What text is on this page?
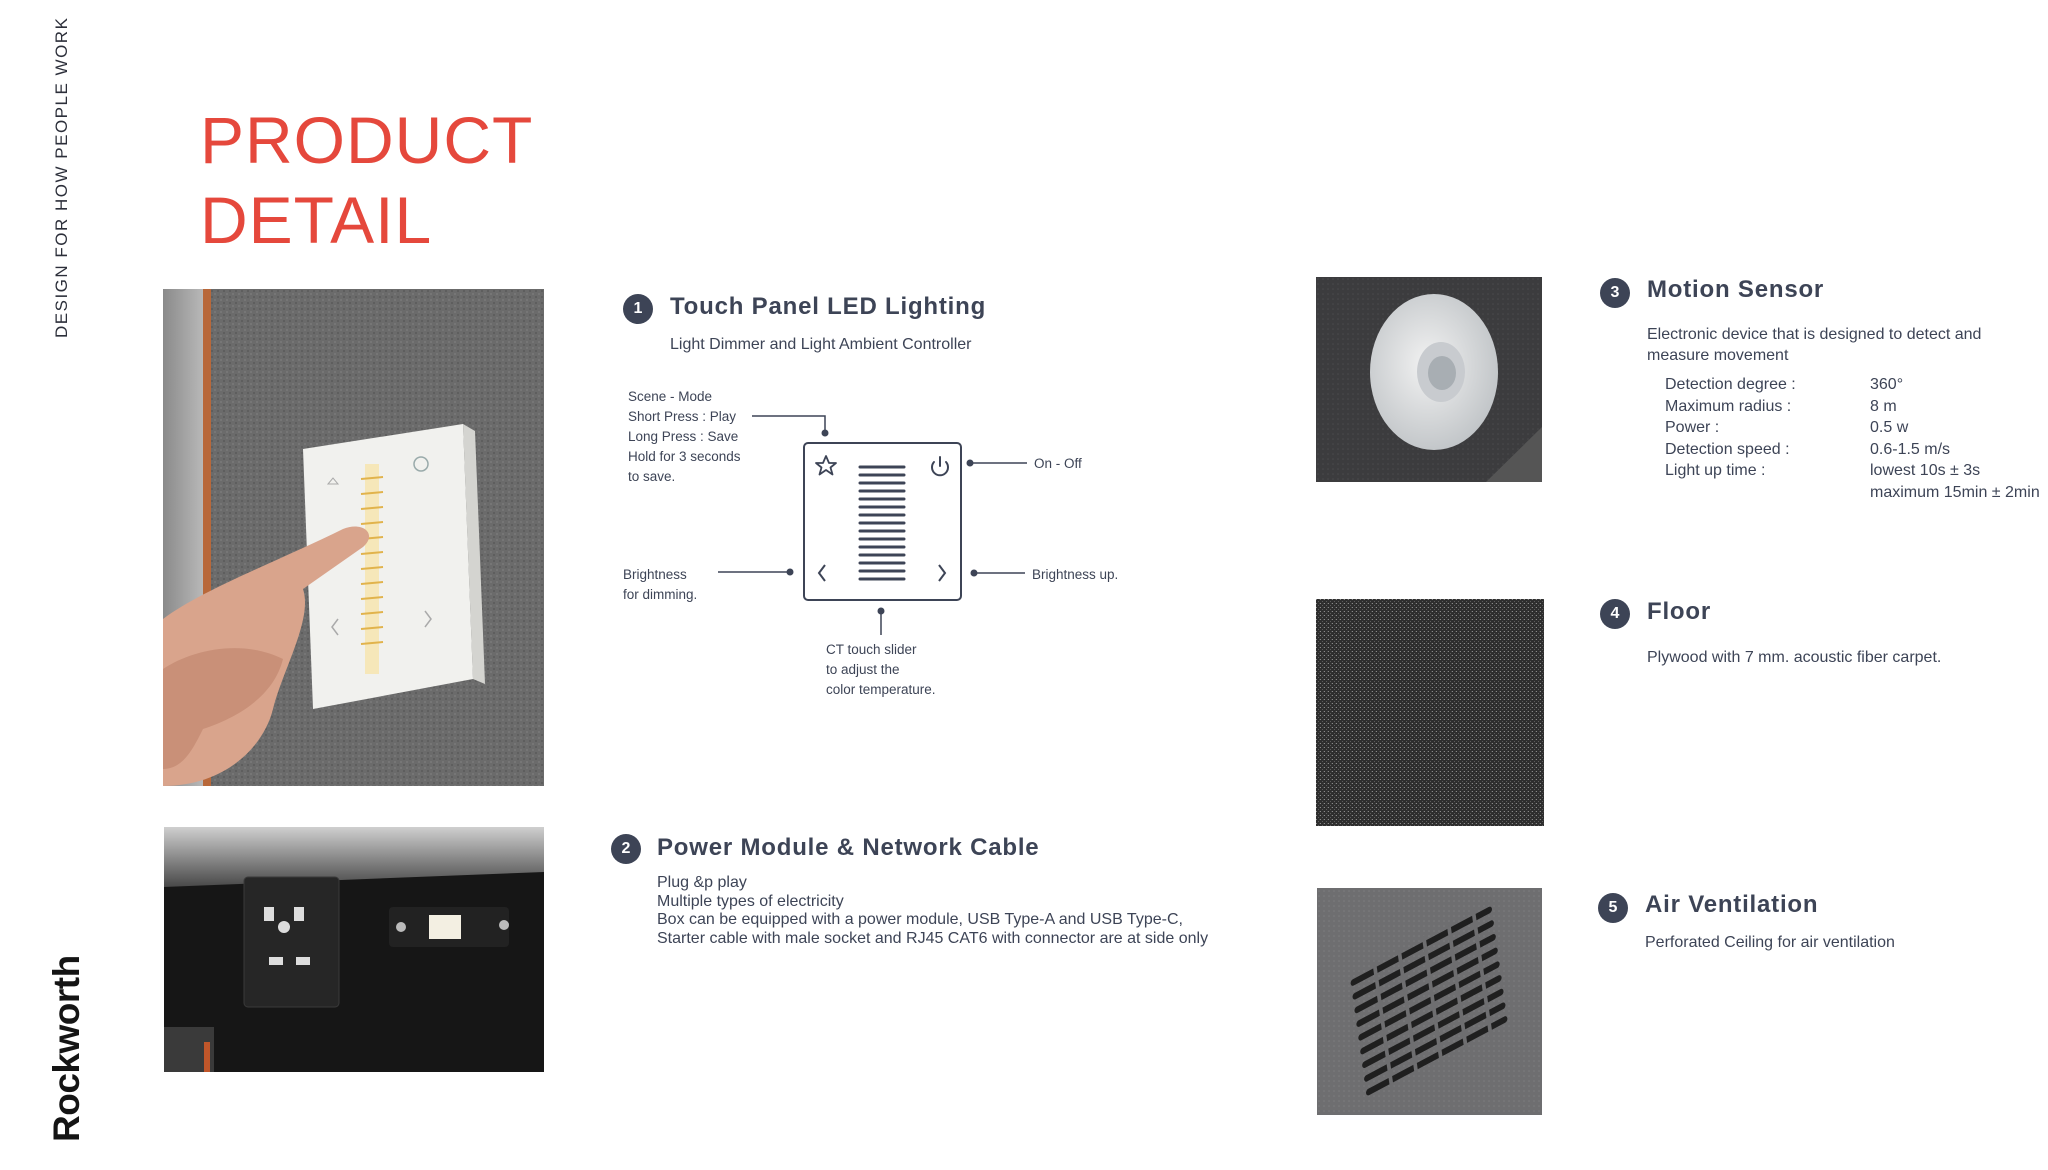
DESIGN FOR HOW PEOPLE WORK
Rockworth
PRODUCT
DETAIL
1	Touch Panel LED Lighting
Light Dimmer and Light Ambient Controller
Scene - Mode
Short Press : Play
Long Press : Save
Hold for 3 seconds
to save.
On - Off
Brightness
for dimming.
Brightness up.
CT touch slider
to adjust the
color temperature.
2	Power Module & Network Cable
Plug &p play
Multiple types of electricity
Box can be equipped with a power module, USB Type-A and USB Type-C,
Starter cable with male socket and RJ45 CAT6 with connector are at side only
3	Motion Sensor
Electronic device that is designed to detect and
measure movement
Detection degree :	360°
Maximum radius :	8 m
Power :	0.5 w
Detection speed :	0.6-1.5 m/s
Light up time :	lowest 10s ± 3s
maximum 15min ± 2min
4	Floor
Plywood with 7 mm. acoustic fiber carpet.
5	Air Ventilation
Perforated Ceiling for air ventilation
